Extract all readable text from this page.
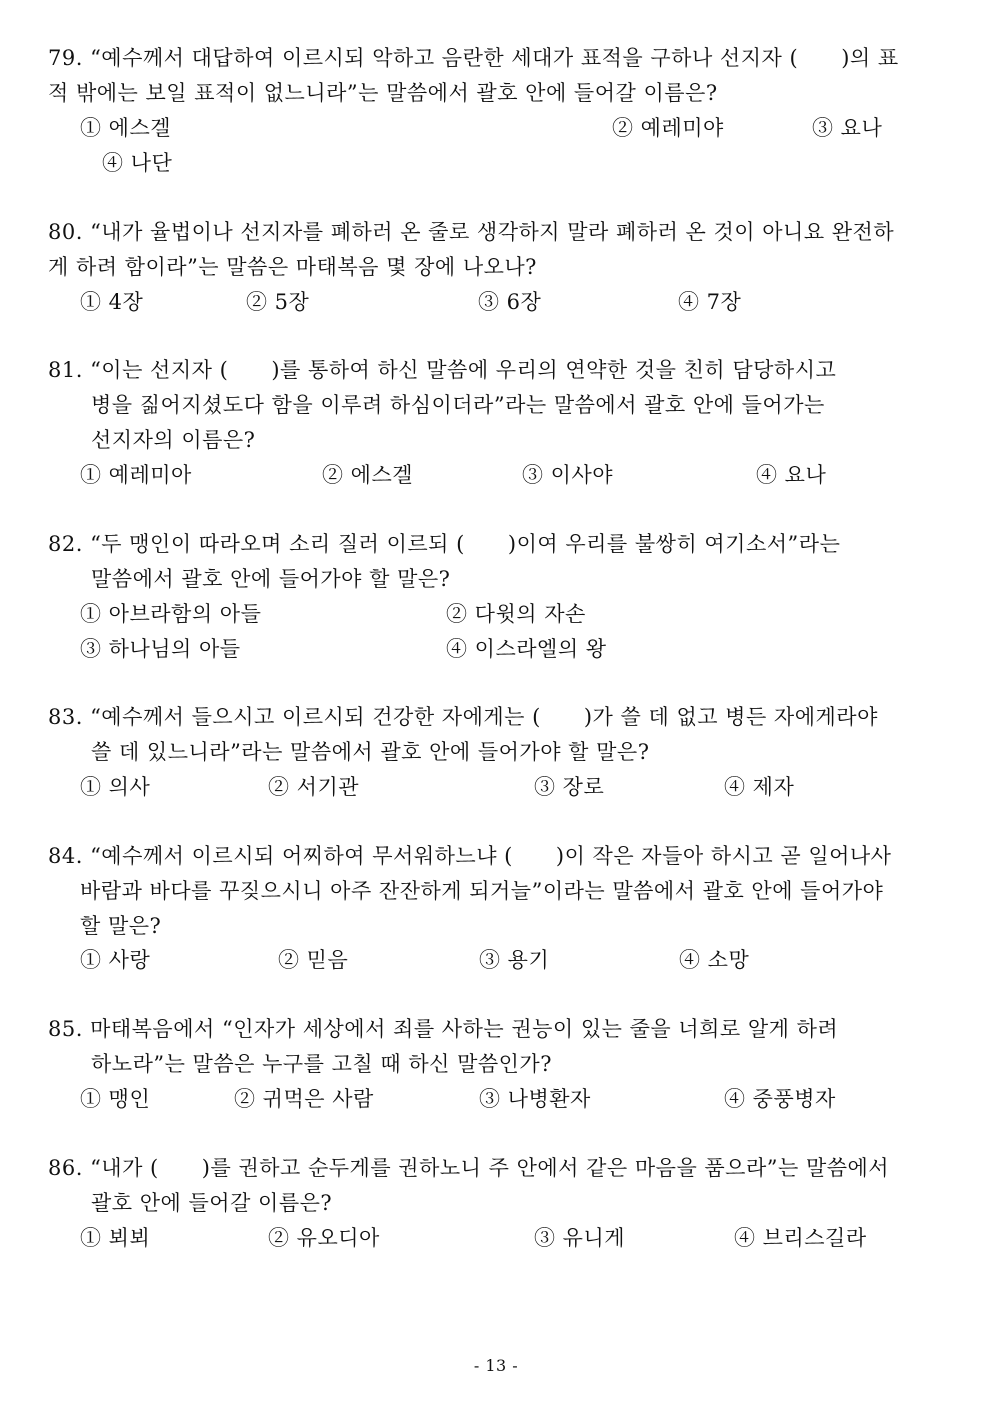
79. “예수께서 대답하여 이르시되 악하고 음란한 세대가 표적을 구하나 선지자 (      )의 표
적 밖에는 보일 표적이 없느니라”는 말씀에서 괄호 안에 들어갈 이름은?
① 에스겔	② 예레미야	③ 요나
④ 나단
80. “내가 율법이나 선지자를 폐하러 온 줄로 생각하지 말라 폐하러 온 것이 아니요 완전하
게 하려 함이라”는 말씀은 마태복음 몇 장에 나오나?
① 4장	② 5장	③ 6장	④ 7장
81. “이는 선지자 (      )를 통하여 하신 말씀에 우리의 연약한 것을 친히 담당하시고
병을 짊어지셨도다 함을 이루려 하심이더라”라는 말씀에서 괄호 안에 들어가는
선지자의 이름은?
① 예레미아	② 에스겔	③ 이사야	④ 요나
82. “두 맹인이 따라오며 소리 질러 이르되 (      )이여 우리를 불쌍히 여기소서”라는
말씀에서 괄호 안에 들어가야 할 말은?
① 아브라함의 아들	② 다윗의 자손
③ 하나님의 아들	④ 이스라엘의 왕
83. “예수께서 들으시고 이르시되 건강한 자에게는 (      )가 쓸 데 없고 병든 자에게라야
쓸 데 있느니라”라는 말씀에서 괄호 안에 들어가야 할 말은?
① 의사	② 서기관	③ 장로	④ 제자
84. “예수께서 이르시되 어찌하여 무서워하느냐 (      )이 작은 자들아 하시고 곧 일어나사
바람과 바다를 꾸짖으시니 아주 잔잔하게 되거늘”이라는 말씀에서 괄호 안에 들어가야
할 말은?
① 사랑	② 믿음	③ 용기	④ 소망
85. 마태복음에서 “인자가 세상에서 죄를 사하는 권능이 있는 줄을 너희로 알게 하려
하노라”는 말씀은 누구를 고칠 때 하신 말씀인가?
① 맹인	② 귀먹은 사람	③ 나병환자	④ 중풍병자
86. “내가 (      )를 권하고 순두게를 권하노니 주 안에서 같은 마음을 품으라”는 말씀에서
괄호 안에 들어갈 이름은?
① 뵈뵈	② 유오디아	③ 유니게	④ 브리스길라
- 13 -
